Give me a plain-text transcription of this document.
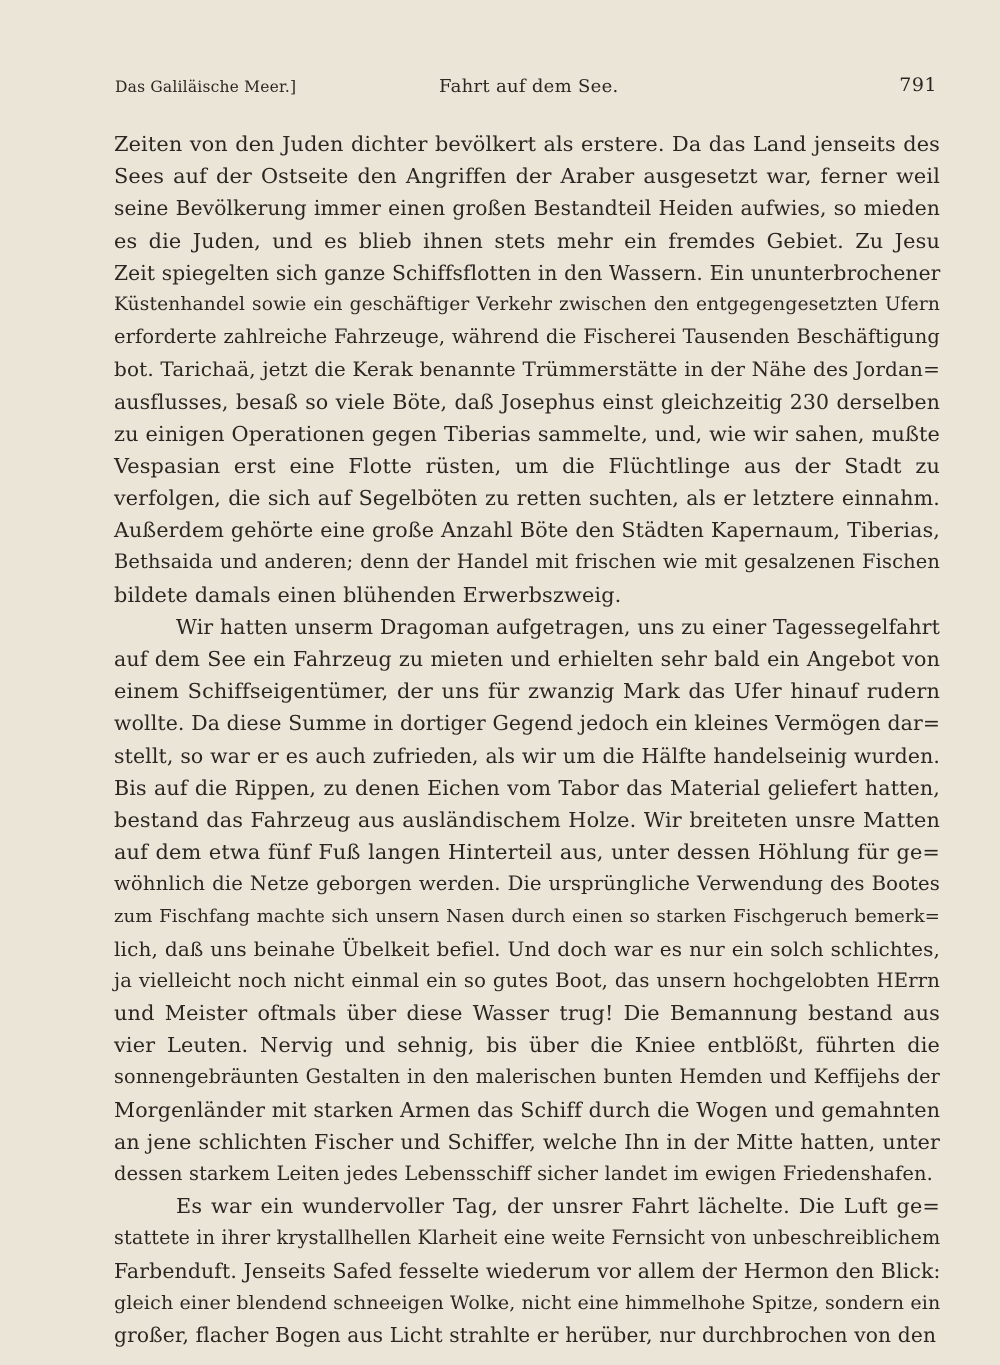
Das Galiläische Meer.]	Fahrt auf dem See.	791
Zeiten von den Juden dichter bevölkert als erstere. Da das Land jenseits des
Sees auf der Ostseite den Angriffen der Araber ausgesetzt war, ferner weil
seine Bevölkerung immer einen großen Bestandteil Heiden aufwies, so mieden
es die Juden, und es blieb ihnen stets mehr ein fremdes Gebiet. Zu Jesu
Zeit spiegelten sich ganze Schiffsflotten in den Wassern. Ein ununterbrochener
Küstenhandel sowie ein geschäftiger Verkehr zwischen den entgegengesetzten Ufern
erforderte zahlreiche Fahrzeuge, während die Fischerei Tausenden Beschäftigung
bot. Tarichaä, jetzt die Kerak benannte Trümmerstätte in der Nähe des Jordan=
ausflusses, besaß so viele Böte, daß Josephus einst gleichzeitig 230 derselben
zu einigen Operationen gegen Tiberias sammelte, und, wie wir sahen, mußte
Vespasian erst eine Flotte rüsten, um die Flüchtlinge aus der Stadt zu
verfolgen, die sich auf Segelböten zu retten suchten, als er letztere einnahm.
Außerdem gehörte eine große Anzahl Böte den Städten Kapernaum, Tiberias,
Bethsaida und anderen; denn der Handel mit frischen wie mit gesalzenen Fischen
bildete damals einen blühenden Erwerbszweig.
Wir hatten unserm Dragoman aufgetragen, uns zu einer Tagessegelfahrt
auf dem See ein Fahrzeug zu mieten und erhielten sehr bald ein Angebot von
einem Schiffseigentümer, der uns für zwanzig Mark das Ufer hinauf rudern
wollte. Da diese Summe in dortiger Gegend jedoch ein kleines Vermögen dar=
stellt, so war er es auch zufrieden, als wir um die Hälfte handelseinig wurden.
Bis auf die Rippen, zu denen Eichen vom Tabor das Material geliefert hatten,
bestand das Fahrzeug aus ausländischem Holze. Wir breiteten unsre Matten
auf dem etwa fünf Fuß langen Hinterteil aus, unter dessen Höhlung für ge=
wöhnlich die Netze geborgen werden. Die ursprüngliche Verwendung des Bootes
zum Fischfang machte sich unsern Nasen durch einen so starken Fischgeruch bemerk=
lich, daß uns beinahe Übelkeit befiel. Und doch war es nur ein solch schlichtes,
ja vielleicht noch nicht einmal ein so gutes Boot, das unsern hochgelobten HErrn
und Meister oftmals über diese Wasser trug! Die Bemannung bestand aus
vier Leuten. Nervig und sehnig, bis über die Kniee entblößt, führten die
sonnengebräunten Gestalten in den malerischen bunten Hemden und Keffijehs der
Morgenländer mit starken Armen das Schiff durch die Wogen und gemahnten
an jene schlichten Fischer und Schiffer, welche Ihn in der Mitte hatten, unter
dessen starkem Leiten jedes Lebensschiff sicher landet im ewigen Friedenshafen.
Es war ein wundervoller Tag, der unsrer Fahrt lächelte. Die Luft ge=
stattete in ihrer krystallhellen Klarheit eine weite Fernsicht von unbeschreiblichem
Farbenduft. Jenseits Safed fesselte wiederum vor allem der Hermon den Blick:
gleich einer blendend schneeigen Wolke, nicht eine himmelhohe Spitze, sondern ein
großer, flacher Bogen aus Licht strahlte er herüber, nur durchbrochen von den
